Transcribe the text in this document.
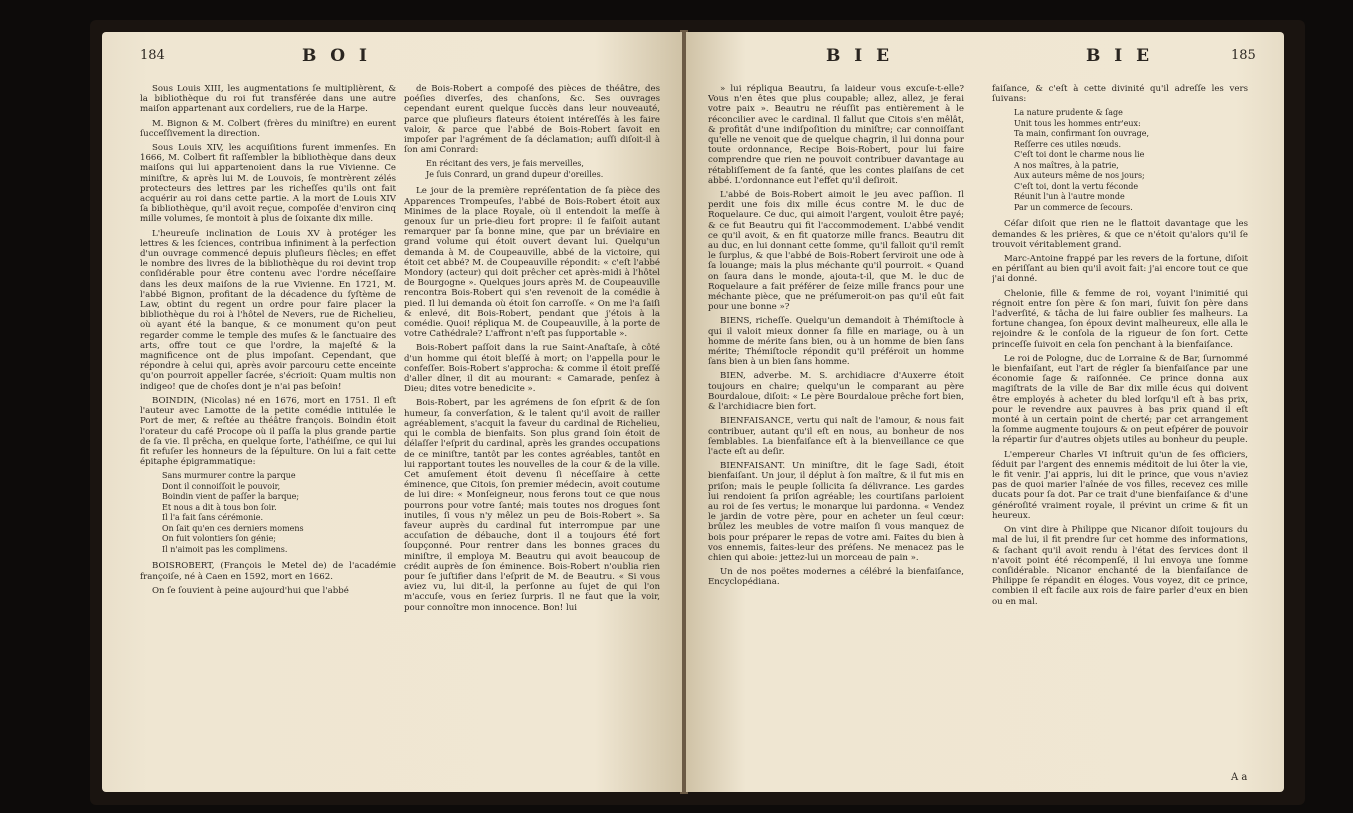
184	B O I

Sous Louis XIII, les augmentations ſe multiplièrent, & la bibliothèque du roi fut transférée dans une autre maiſon appartenant aux cordeliers, rue de la Harpe.

M. Bignon & M. Colbert (frères du miniſtre) en eurent ſucceſſivement la direction.

Sous Louis XIV, les acquiſitions furent immenſes. En 1666, M. Colbert fit raſſembler la bibliothèque dans deux maiſons qui lui appartenoient dans la rue Vivienne. Ce miniſtre, & après lui M. de Louvois, ſe montrèrent zélés protecteurs des lettres par les richeſſes qu'ils ont fait acquérir au roi dans cette partie. A la mort de Louis XIV ſa bibliothèque, qu'il avoit reçue, compoſée d'environ cinq mille volumes, ſe montoit à plus de ſoixante dix mille.

L'heureuſe inclination de Louis XV à protéger les lettres & les ſciences, contribua infiniment à la perfection d'un ouvrage commencé depuis pluſieurs ſiècles; en effet le nombre des livres de la bibliothèque du roi devint trop conſidérable pour être contenu avec l'ordre néceſſaire dans les deux maiſons de la rue Vivienne. En 1721, M. l'abbé Bignon, profitant de la décadence du ſyſtème de Law, obtint du regent un ordre pour faire placer la bibliothèque du roi à l'hôtel de Nevers, rue de Richelieu, où ayant été la banque, & ce monument qu'on peut regarder comme le temple des muſes & le ſanctuaire des arts, offre tout ce que l'ordre, la majeſté & la magnificence ont de plus impoſant. Cependant, que répondre à celui qui, après avoir parcouru cette enceinte qu'on pourroit appeller ſacrée, s'écrioit: Quam multis non indigeo! que de choſes dont je n'ai pas beſoin!

BOINDIN, (Nicolas) né en 1676, mort en 1751. Il eſt l'auteur avec Lamotte de la petite comédie intitulée le Port de mer, & reſtée au théâtre françois. Boindin étoit l'orateur du café Procope où il paſſa la plus grande partie de ſa vie. Il prêcha, en quelque ſorte, l'athéiſme, ce qui lui fit refuſer les honneurs de la ſépulture. On lui a fait cette épitaphe épigrammatique:

Sans murmurer contre la parque
Dont il connoiſſoit le pouvoir,
Boindin vient de paſſer la barque;
Et nous a dit à tous bon ſoir.
Il l'a fait ſans cérémonie.
On ſait qu'en ces derniers momens
On fuit volontiers ſon génie;
Il n'aimoit pas les complimens.

BOISROBERT, (François le Metel de) de l'académie françoiſe, né à Caen en 1592, mort en 1662.

On ſe ſouvient à peine aujourd'hui que l'abbé

de Bois-Robert a compoſé des pièces de théâtre, des poéſies diverſes, des chanſons, &c. Ses ouvrages cependant eurent quelque ſuccès dans leur nouveauté, parce que pluſieurs flateurs étoient intéreſſés à les faire valoir, & parce que l'abbé de Bois-Robert ſavoit en impoſer par l'agrément de ſa déclamation; auſſi diſoit-il à ſon ami Conrard:

En récitant des vers, je fais merveilles,
Je ſuis Conrard, un grand dupeur d'oreilles.

Le jour de la première repréſentation de ſa pièce des Apparences Trompeuſes, l'abbé de Bois-Robert étoit aux Minimes de la place Royale, où il entendoit la meſſe à genoux ſur un prie-dieu fort propre: il ſe faiſoit autant remarquer par ſa bonne mine, que par un bréviaire en grand volume qui étoit ouvert devant lui. Quelqu'un demanda à M. de Coupeauville, abbé de la victoire, qui étoit cet abbé? M. de Coupeauville répondit: « c'eſt l'abbé Mondory (acteur) qui doit prêcher cet après-midi à l'hôtel de Bourgogne ». Quelques jours après M. de Coupeauville rencontra Bois-Robert qui s'en revenoit de la comédie à pied. Il lui demanda où étoit ſon carroſſe. « On me l'a ſaiſi & enlevé, dit Bois-Robert, pendant que j'étois à la comédie. Quoi! répliqua M. de Coupeauville, à la porte de votre Cathédrale? L'affront n'eſt pas ſupportable ».

Bois-Robert paſſoit dans la rue Saint-Anaſtaſe, à côté d'un homme qui étoit bleſſé à mort; on l'appella pour le confeſſer. Bois-Robert s'approcha: & comme il étoit preſſé d'aller dîner, il dit au mourant: « Camarade, penſez à Dieu; dites votre benedicite ».

Bois-Robert, par les agrémens de ſon eſprit & de ſon humeur, ſa converſation, & le talent qu'il avoit de railler agréablement, s'acquit la faveur du cardinal de Richelieu, qui le combla de bienfaits. Son plus grand ſoin étoit de délaſſer l'eſprit du cardinal, après les grandes occupations de ce miniſtre, tantôt par les contes agréables, tantôt en lui rapportant toutes les nouvelles de la cour & de la ville. Cet amuſement étoit devenu ſi néceſſaire à cette éminence, que Citois, ſon premier médecin, avoit coutume de lui dire: « Monſeigneur, nous ferons tout ce que nous pourrons pour votre ſanté; mais toutes nos drogues ſont inutiles, ſi vous n'y mêlez un peu de Bois-Robert ». Sa faveur auprès du cardinal fut interrompue par une accuſation de débauche, dont il a toujours été fort ſoupçonné. Pour rentrer dans les bonnes graces du miniſtre, il employa M. Beautru qui avoit beaucoup de crédit auprès de ſon éminence. Bois-Robert n'oublia rien pour ſe juſtifier dans l'eſprit de M. de Beautru. « Si vous aviez vu, lui dit-il, la perſonne au ſujet de qui l'on m'accuſe, vous en ſeriez ſurpris. Il ne faut que la voir, pour connoître mon innocence. Bon! lui

B I E	B I E	185

» lui répliqua Beautru, ſa laideur vous excuſe-t-elle? Vous n'en êtes que plus coupable; allez, allez, je ferai votre paix ». Beautru ne réuſſit pas entièrement à le réconcilier avec le cardinal. Il fallut que Citois s'en mêlât, & profitât d'une indiſpoſition du miniſtre; car connoiſſant qu'elle ne venoit que de quelque chagrin, il lui donna pour toute ordonnance, Recipe Bois-Robert, pour lui faire comprendre que rien ne pouvoit contribuer davantage au rétabliſſement de ſa ſanté, que les contes plaiſans de cet abbé. L'ordonnance eut l'effet qu'il deſiroit.

L'abbé de Bois-Robert aimoit le jeu avec paſſion. Il perdit une fois dix mille écus contre M. le duc de Roquelaure. Ce duc, qui aimoit l'argent, vouloit être payé; & ce fut Beautru qui fit l'accommodement. L'abbé vendit ce qu'il avoit, & en fit quatorze mille francs. Beautru dit au duc, en lui donnant cette ſomme, qu'il falloit qu'il remît le ſurplus, & que l'abbé de Bois-Robert ſerviroit une ode à ſa louange; mais la plus méchante qu'il pourroit. « Quand on ſaura dans le monde, ajouta-t-il, que M. le duc de Roquelaure a fait préférer de ſeize mille francs pour une méchante pièce, que ne préſumeroit-on pas qu'il eût fait pour une bonne »?

BIENS, richeſſe. Quelqu'un demandoit à Thémiſtocle à qui il valoit mieux donner ſa fille en mariage, ou à un homme de mérite ſans bien, ou à un homme de bien ſans mérite; Thémiſtocle répondit qu'il préféroit un homme ſans bien à un bien ſans homme.

BIEN, adverbe. M. S. archidiacre d'Auxerre étoit toujours en chaire; quelqu'un le comparant au père Bourdaloue, diſoit: « Le père Bourdaloue prêche fort bien, & l'archidiacre bien fort.

BIENFAISANCE, vertu qui naît de l'amour, & nous fait contribuer, autant qu'il eſt en nous, au bonheur de nos ſemblables. La bienfaiſance eſt à la bienveillance ce que l'acte eſt au deſir.

BIENFAISANT. Un miniſtre, dit le ſage Sadi, étoit bienfaiſant. Un jour, il déplut à ſon maître, & il fut mis en priſon; mais le peuple ſollicita ſa délivrance. Les gardes lui rendoient ſa priſon agréable; les courtiſans parloient au roi de ſes vertus; le monarque lui pardonna. « Vendez le jardin de votre père, pour en acheter un ſeul cœur: brûlez les meubles de votre maiſon ſi vous manquez de bois pour préparer le repas de votre ami. Faites du bien à vos ennemis, faites-leur des préſens. Ne menacez pas le chien qui aboie: jettez-lui un morceau de pain ».

Un de nos poëtes modernes a célébré la bienfaiſance, Encyclopédiana.

faiſance, & c'eſt à cette divinité qu'il adreſſe les vers ſuivans:

La nature prudente & ſage
Unit tous les hommes entr'eux:
Ta main, confirmant ſon ouvrage,
Reſſerre ces utiles nœuds.
C'eſt toi dont le charme nous lie
A nos maîtres, à la patrie,
Aux auteurs même de nos jours;
C'eſt toi, dont la vertu féconde
Réunit l'un à l'autre monde
Par un commerce de ſecours.

Céſar diſoit que rien ne le flattoit davantage que les demandes & les prières, & que ce n'étoit qu'alors qu'il ſe trouvoit véritablement grand.

Marc-Antoine frappé par les revers de la fortune, diſoit en périſſant au bien qu'il avoit fait: j'ai encore tout ce que j'ai donné.

Chelonie, fille & femme de roi, voyant l'inimitié qui régnoit entre ſon père & ſon mari, ſuivit ſon père dans l'adverſité, & tâcha de lui faire oublier ſes malheurs. La fortune changea, ſon époux devint malheureux, elle alla le rejoindre & le conſola de la rigueur de ſon ſort. Cette princeſſe ſuivoit en cela ſon penchant à la bienfaiſance.

Le roi de Pologne, duc de Lorraine & de Bar, ſurnommé le bienfaiſant, eut l'art de régler ſa bienfaiſance par une économie ſage & raiſonnée. Ce prince donna aux magiſtrats de la ville de Bar dix mille écus qui doivent être employés à acheter du bled lorſqu'il eſt à bas prix, pour le revendre aux pauvres à bas prix quand il eſt monté à un certain point de cherté; par cet arrangement la ſomme augmente toujours & on peut eſpérer de pouvoir la répartir ſur d'autres objets utiles au bonheur du peuple.

L'empereur Charles VI inſtruit qu'un de ſes officiers, ſéduit par l'argent des ennemis méditoit de lui ôter la vie, le fit venir. J'ai appris, lui dit le prince, que vous n'aviez pas de quoi marier l'aînée de vos filles, recevez ces mille ducats pour ſa dot. Par ce trait d'une bienfaiſance & d'une généroſité vraiment royale, il prévint un crime & fit un heureux.

On vint dire à Philippe que Nicanor diſoit toujours du mal de lui, il fit prendre ſur cet homme des informations, & ſachant qu'il avoit rendu à l'état des ſervices dont il n'avoit point été récompenſé, il lui envoya une ſomme conſidérable. Nicanor enchanté de la bienfaiſance de Philippe ſe répandit en éloges. Vous voyez, dit ce prince, combien il eſt facile aux rois de faire parler d'eux en bien ou en mal.

A a
